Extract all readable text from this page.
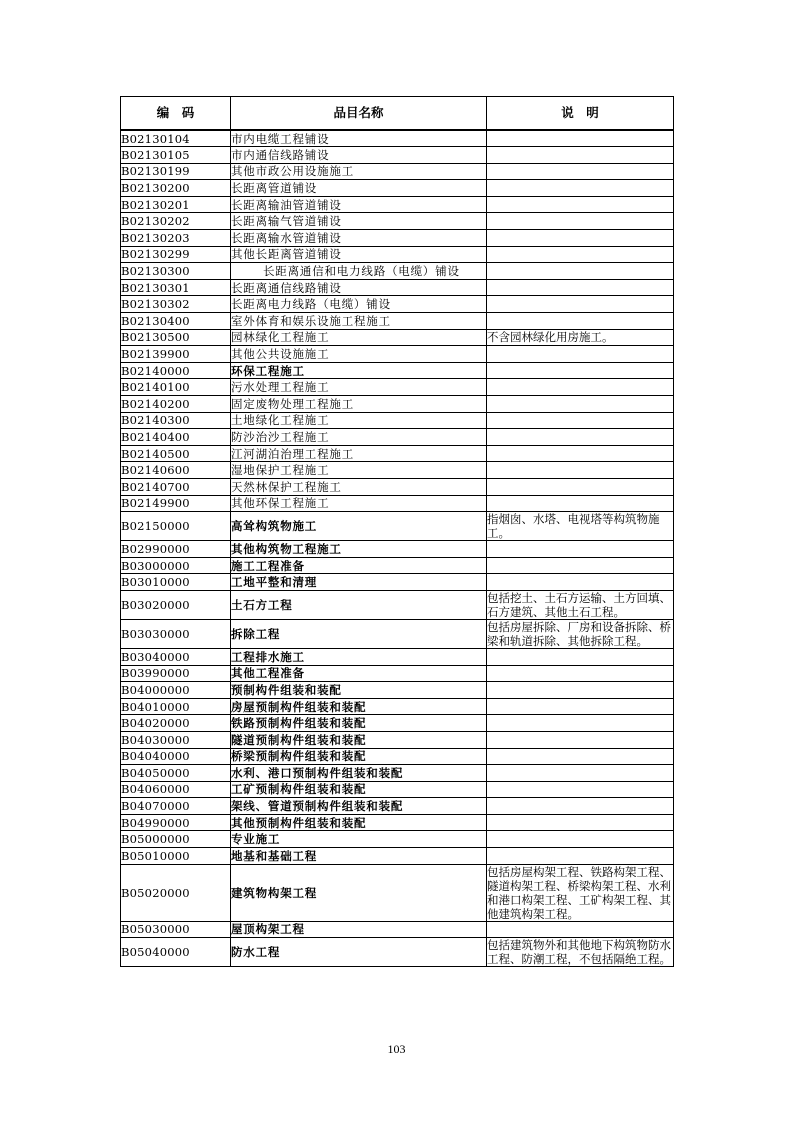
编　码	品目名称	说　明
B02130104	市内电缆工程铺设	
B02130105	市内通信线路铺设	
B02130199	其他市政公用设施施工	
B02130200	长距离管道铺设	
B02130201	长距离输油管道铺设	
B02130202	长距离输气管道铺设	
B02130203	长距离输水管道铺设	
B02130299	其他长距离管道铺设	
B02130300	长距离通信和电力线路（电缆）铺设	

B02130301	长距离通信线路铺设	
B02130302	长距离电力线路（电缆）铺设	
B02130400	室外体育和娱乐设施工程施工	
B02130500	园林绿化工程施工	不含园林绿化用房施工。
B02139900	其他公共设施施工	
B02140000	环保工程施工	
B02140100	污水处理工程施工	
B02140200	固定废物处理工程施工	
B02140300	土地绿化工程施工	
B02140400	防沙治沙工程施工	
B02140500	江河湖泊治理工程施工	
B02140600	湿地保护工程施工	
B02140700	天然林保护工程施工	
B02149900	其他环保工程施工	
B02150000	高耸构筑物施工	指烟囱、水塔、电视塔等构筑物施工。
B02990000	其他构筑物工程施工	
B03000000	施工工程准备	
B03010000	工地平整和清理	
B03020000	土石方工程	包括挖土、土石方运输、土方回填、石方建筑、其他土石工程。
B03030000	拆除工程	包括房屋拆除、厂房和设备拆除、桥梁和轨道拆除、其他拆除工程。
B03040000	工程排水施工	
B03990000	其他工程准备	
B04000000	预制构件组装和装配	
B04010000	房屋预制构件组装和装配	
B04020000	铁路预制构件组装和装配	
B04030000	隧道预制构件组装和装配	
B04040000	桥梁预制构件组装和装配	
B04050000	水利、港口预制构件组装和装配	
B04060000	工矿预制构件组装和装配	
B04070000	架线、管道预制构件组装和装配	
B04990000	其他预制构件组装和装配	
B05000000	专业施工	
B05010000	地基和基础工程	
B05020000	建筑物构架工程	包括房屋构架工程、铁路构架工程、隧道构架工程、桥梁构架工程、水利和港口构架工程、工矿构架工程、其他建筑构架工程。
B05030000	屋顶构架工程	
B05040000	防水工程	包括建筑物外和其他地下构筑物防水工程、防潮工程，不包括隔绝工程。
103
